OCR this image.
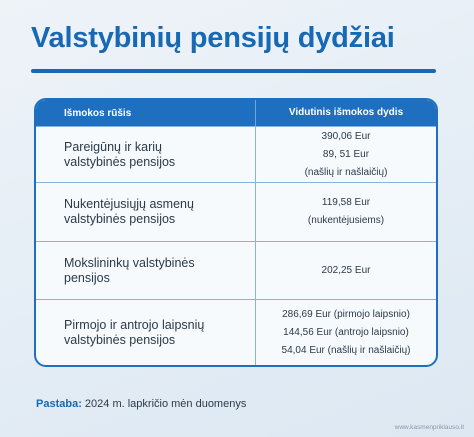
Valstybinių pensijų dydžiai
Išmokos rūšis	Vidutinis išmokos dydis
Pareigūnų ir karių
valstybinės pensijos
390,06 Eur
89, 51 Eur
(našlių ir našlaičių)
Nukentėjusiųjų asmenų
valstybinės pensijos
119,58 Eur
(nukentėjusiems)
Mokslininkų valstybinės
pensijos
202,25 Eur
Pirmojo ir antrojo laipsnių
valstybinės pensijos
286,69 Eur (pirmojo laipsnio)
144,56 Eur (antrojo laipsnio)
54,04 Eur (našlių ir našlaičių)
Pastaba: 2024 m. lapkričio mėn duomenys
www.kasmenpriklauso.lt
